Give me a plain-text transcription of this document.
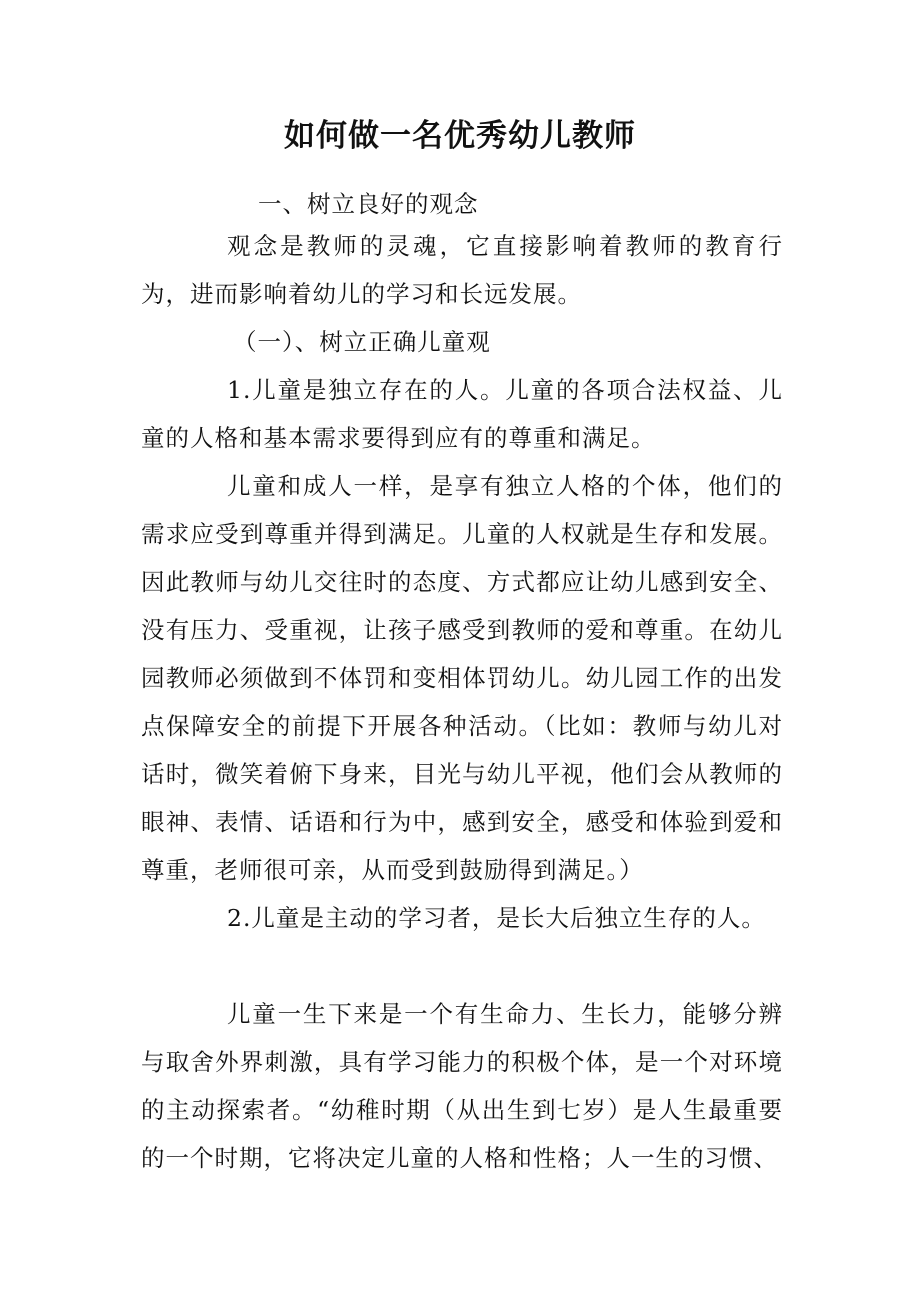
如何做一名优秀幼儿教师

一、树立良好的观念

观念是教师的灵魂，它直接影响着教师的教育行为，进而影响着幼儿的学习和长远发展。

（一）、树立正确儿童观

1.儿童是独立存在的人。儿童的各项合法权益、儿童的人格和基本需求要得到应有的尊重和满足。

儿童和成人一样，是享有独立人格的个体，他们的需求应受到尊重并得到满足。儿童的人权就是生存和发展。因此教师与幼儿交往时的态度、方式都应让幼儿感到安全、没有压力、受重视，让孩子感受到教师的爱和尊重。在幼儿园教师必须做到不体罚和变相体罚幼儿。幼儿园工作的出发点保障安全的前提下开展各种活动。（比如：教师与幼儿对话时，微笑着俯下身来，目光与幼儿平视，他们会从教师的眼神、表情、话语和行为中，感到安全，感受和体验到爱和尊重，老师很可亲，从而受到鼓励得到满足。）

2.儿童是主动的学习者，是长大后独立生存的人。

儿童一生下来是一个有生命力、生长力，能够分辨与取舍外界刺激，具有学习能力的积极个体，是一个对环境的主动探索者。“幼稚时期（从出生到七岁）是人生最重要的一个时期，它将决定儿童的人格和性格；人一生的习惯、
